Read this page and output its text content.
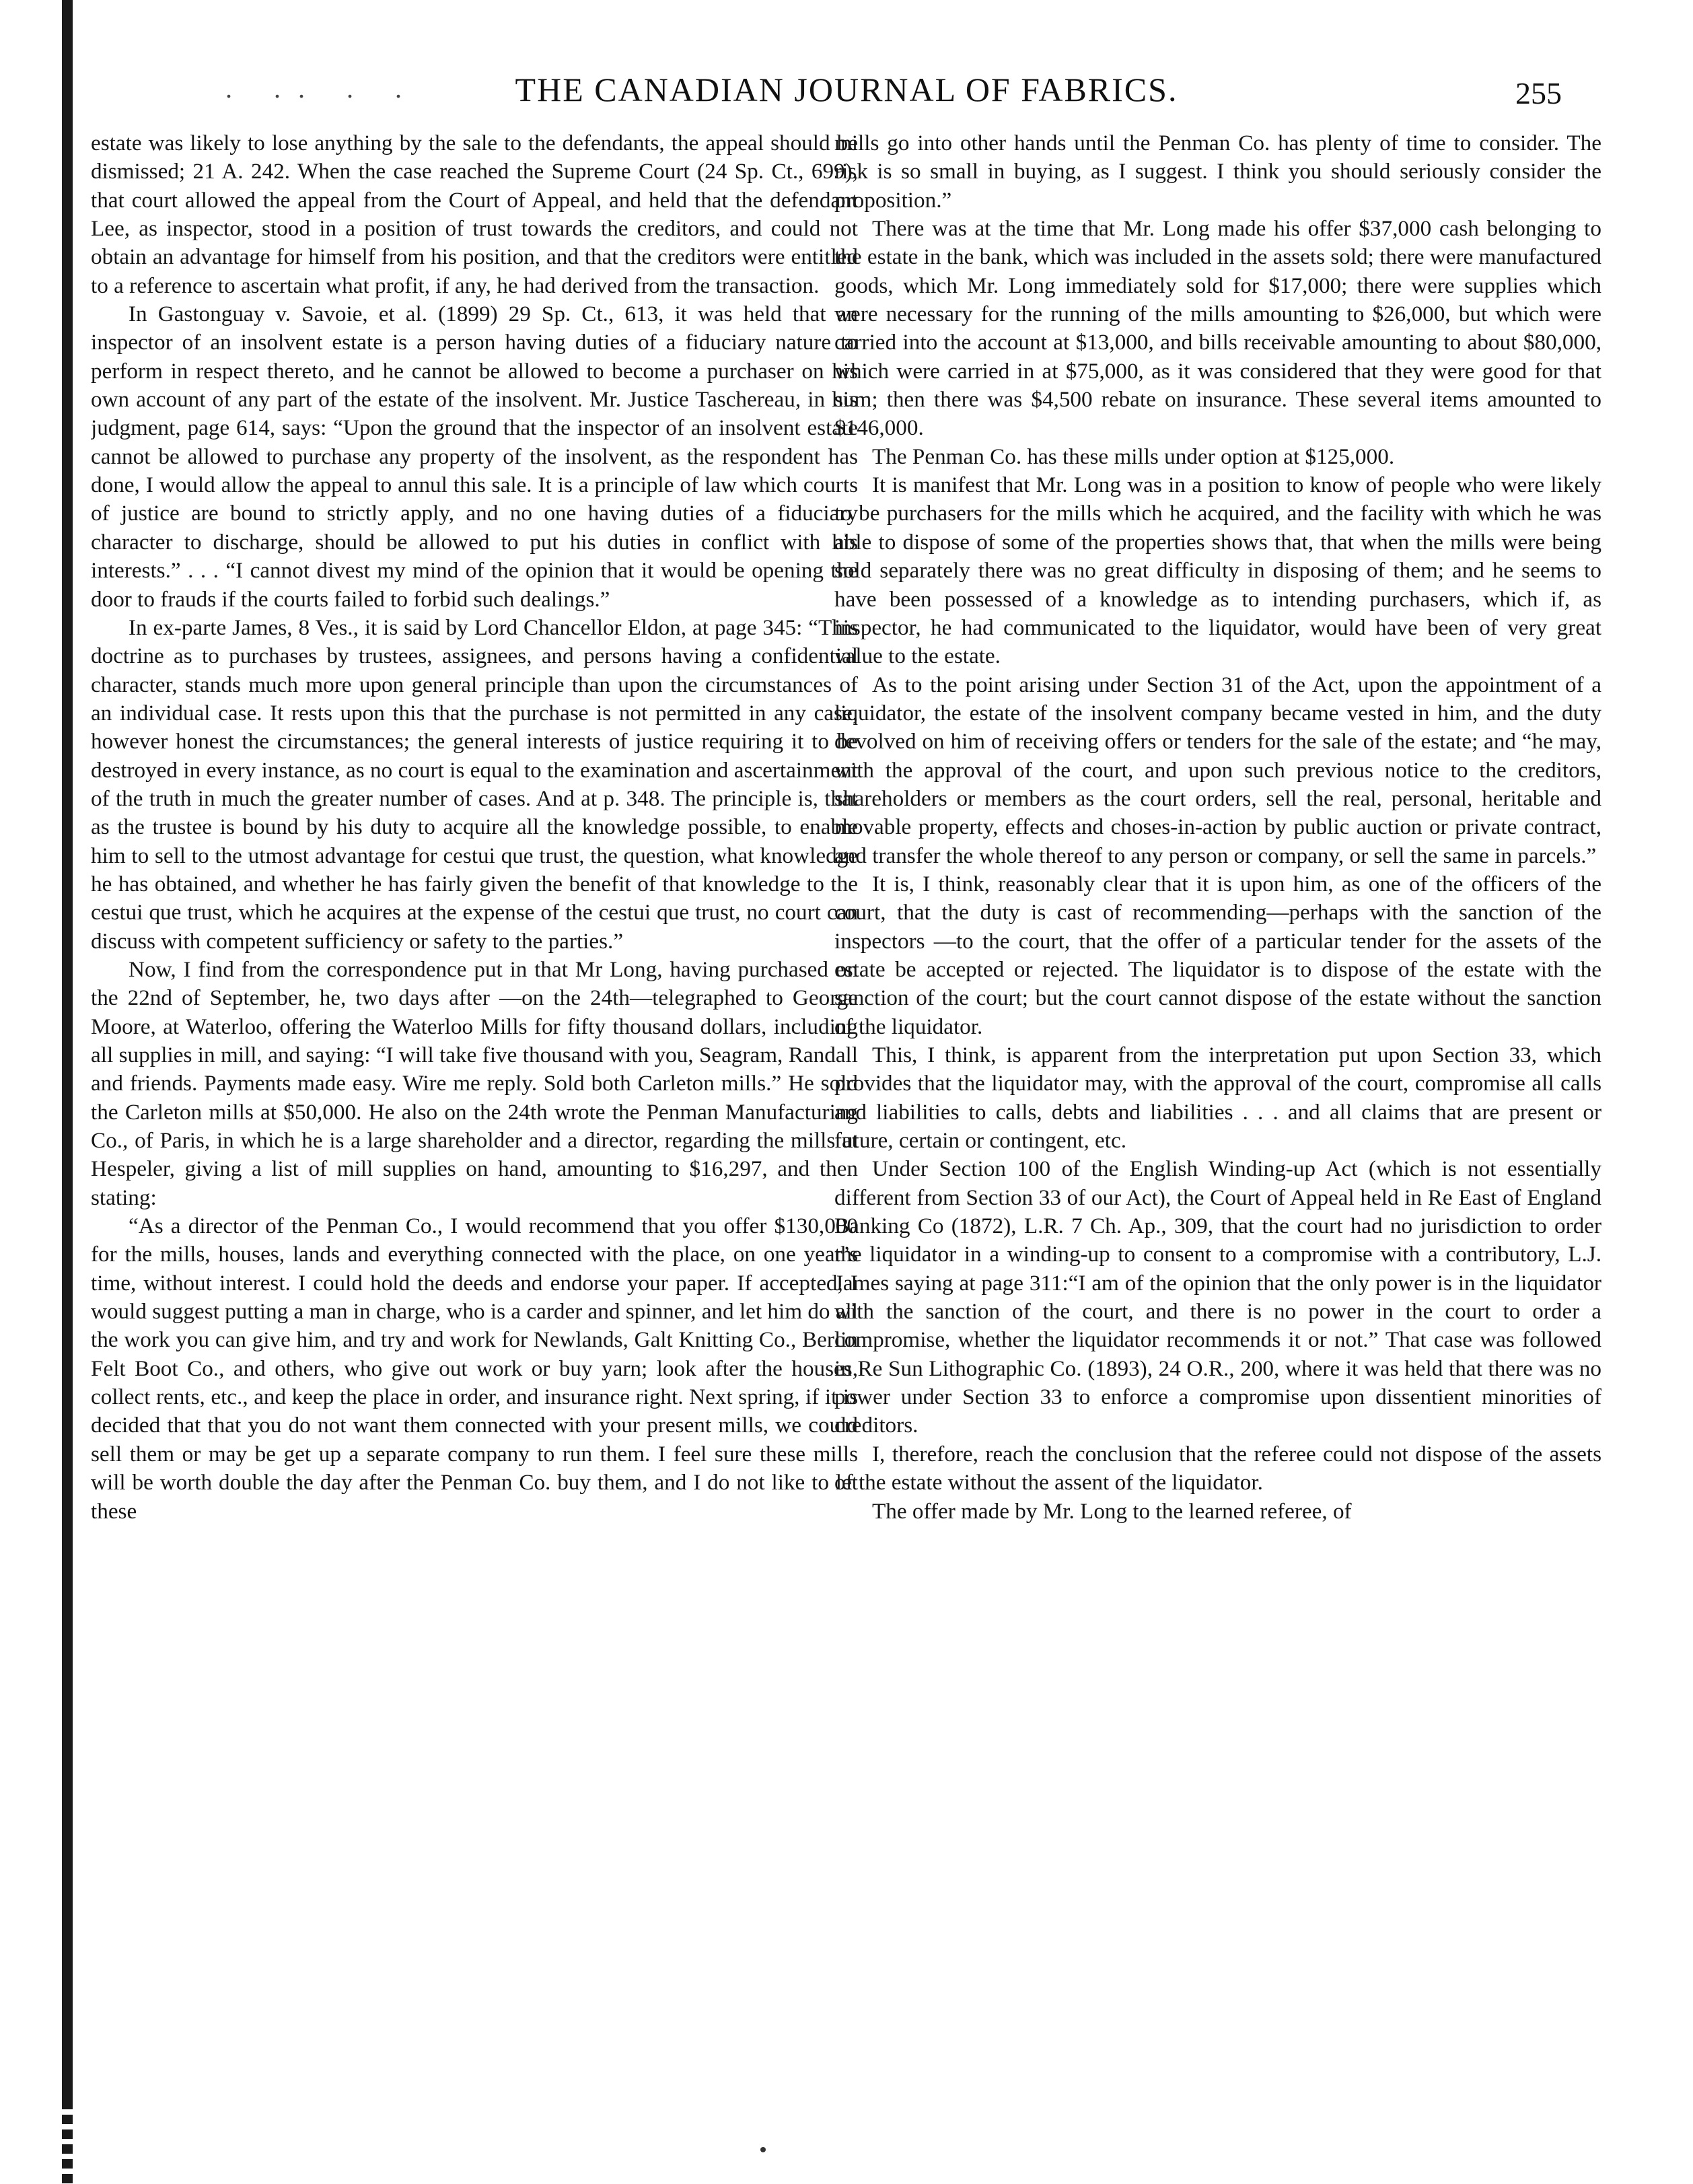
. .. . .	THE CANADIAN JOURNAL OF FABRICS.	255

estate was likely to lose anything by the sale to the defendants, the appeal should be dismissed; 21 A. 242. When the case reached the Supreme Court (24 Sp. Ct., 699), that court allowed the appeal from the Court of Appeal, and held that the defendant Lee, as inspector, stood in a position of trust towards the creditors, and could not obtain an advantage for himself from his position, and that the creditors were entitled to a reference to ascertain what profit, if any, he had derived from the transaction.

In Gastonguay v. Savoie, et al. (1899) 29 Sp. Ct., 613, it was held that an inspector of an insolvent estate is a person having duties of a fiduciary nature to perform in respect thereto, and he cannot be allowed to become a purchaser on his own account of any part of the estate of the insolvent. Mr. Justice Taschereau, in his judgment, page 614, says: “Upon the ground that the inspector of an insolvent estate cannot be allowed to purchase any property of the insolvent, as the respondent has done, I would allow the appeal to annul this sale. It is a principle of law which courts of justice are bound to strictly apply, and no one having duties of a fiduciary character to discharge, should be allowed to put his duties in conflict with his interests.” . . . “I cannot divest my mind of the opinion that it would be opening the door to frauds if the courts failed to forbid such dealings.”

In ex-parte James, 8 Ves., it is said by Lord Chancellor Eldon, at page 345: “This doctrine as to purchases by trustees, assignees, and persons having a confidential character, stands much more upon general principle than upon the circumstances of an individual case. It rests upon this that the purchase is not permitted in any case, however honest the circumstances; the general interests of justice requiring it to be destroyed in every instance, as no court is equal to the examination and ascertainment of the truth in much the greater number of cases. And at p. 348. The principle is, that as the trustee is bound by his duty to acquire all the knowledge possible, to enable him to sell to the utmost advantage for cestui que trust, the question, what knowledge he has obtained, and whether he has fairly given the benefit of that knowledge to the cestui que trust, which he acquires at the expense of the cestui que trust, no court can discuss with competent sufficiency or safety to the parties.”

Now, I find from the correspondence put in that Mr Long, having purchased on the 22nd of September, he, two days after —on the 24th—telegraphed to George Moore, at Waterloo, offering the Waterloo Mills for fifty thousand dollars, including all supplies in mill, and saying: “I will take five thousand with you, Seagram, Randall and friends. Payments made easy. Wire me reply. Sold both Carleton mills.” He sold the Carleton mills at $50,000. He also on the 24th wrote the Penman Manufacturing Co., of Paris, in which he is a large shareholder and a director, regarding the mills at Hespeler, giving a list of mill supplies on hand, amounting to $16,297, and then stating:

“As a director of the Penman Co., I would recommend that you offer $130,000 for the mills, houses, lands and everything connected with the place, on one year’s time, without interest. I could hold the deeds and endorse your paper. If accepted, I would suggest putting a man in charge, who is a carder and spinner, and let him do all the work you can give him, and try and work for Newlands, Galt Knitting Co., Berlin Felt Boot Co., and others, who give out work or buy yarn; look after the houses, collect rents, etc., and keep the place in order, and insurance right. Next spring, if it is decided that that you do not want them connected with your present mills, we could sell them or may be get up a separate company to run them. I feel sure these mills will be worth double the day after the Penman Co. buy them, and I do not like to let these

mills go into other hands until the Penman Co. has plenty of time to consider. The risk is so small in buying, as I suggest. I think you should seriously consider the proposition.”

There was at the time that Mr. Long made his offer $37,000 cash belonging to the estate in the bank, which was included in the assets sold; there were manufactured goods, which Mr. Long immediately sold for $17,000; there were supplies which were necessary for the running of the mills amounting to $26,000, but which were carried into the account at $13,000, and bills receivable amounting to about $80,000, which were carried in at $75,000, as it was considered that they were good for that sum; then there was $4,500 rebate on insurance. These several items amounted to $146,000.

The Penman Co. has these mills under option at $125,000.

It is manifest that Mr. Long was in a position to know of people who were likely to be purchasers for the mills which he acquired, and the facility with which he was able to dispose of some of the properties shows that, that when the mills were being sold separately there was no great difficulty in disposing of them; and he seems to have been possessed of a knowledge as to intending purchasers, which if, as inspector, he had communicated to the liquidator, would have been of very great value to the estate.

As to the point arising under Section 31 of the Act, upon the appointment of a liquidator, the estate of the insolvent company became vested in him, and the duty devolved on him of receiving offers or tenders for the sale of the estate; and “he may, with the approval of the court, and upon such previous notice to the creditors, shareholders or members as the court orders, sell the real, personal, heritable and movable property, effects and choses-in-action by public auction or private contract, and transfer the whole thereof to any person or company, or sell the same in parcels.”

It is, I think, reasonably clear that it is upon him, as one of the officers of the court, that the duty is cast of recommending—perhaps with the sanction of the inspectors —to the court, that the offer of a particular tender for the assets of the estate be accepted or rejected. The liquidator is to dispose of the estate with the sanction of the court; but the court cannot dispose of the estate without the sanction of the liquidator.

This, I think, is apparent from the interpretation put upon Section 33, which provides that the liquidator may, with the approval of the court, compromise all calls and liabilities to calls, debts and liabilities . . . and all claims that are present or future, certain or contingent, etc.

Under Section 100 of the English Winding-up Act (which is not essentially different from Section 33 of our Act), the Court of Appeal held in Re East of England Banking Co (1872), L.R. 7 Ch. Ap., 309, that the court had no jurisdiction to order the liquidator in a winding-up to consent to a compromise with a contributory, L.J. James saying at page 311:“I am of the opinion that the only power is in the liquidator with the sanction of the court, and there is no power in the court to order a compromise, whether the liquidator recommends it or not.” That case was followed in Re Sun Lithographic Co. (1893), 24 O.R., 200, where it was held that there was no power under Section 33 to enforce a compromise upon dissentient minorities of creditors.

I, therefore, reach the conclusion that the referee could not dispose of the assets of the estate without the assent of the liquidator.

The offer made by Mr. Long to the learned referee, of
